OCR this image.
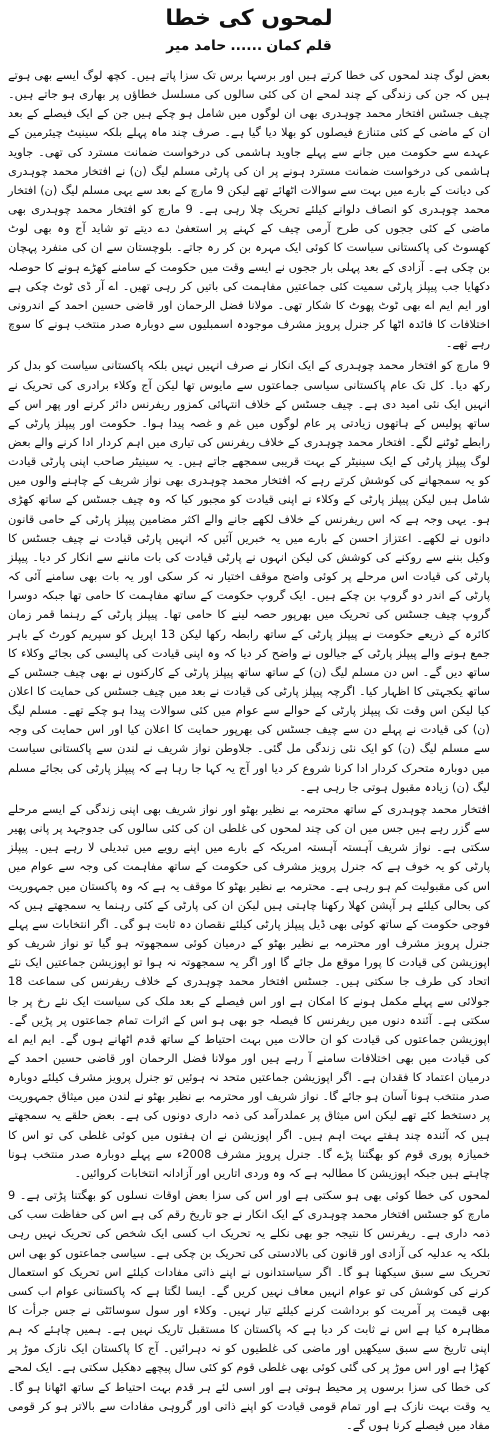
لمحوں کی خطا
قلم کمان......حامد میر

بعض لوگ چند لمحوں کی خطا کرتے ہیں اور برسہا برس تک سزا پاتے ہیں۔ کچھ لوگ ایسے بھی ہوتے ہیں کہ جن کی زندگی کے چند لمحے ان کی کئی سالوں کی مسلسل خطاؤں پر بھاری ہو جاتے ہیں۔ چیف جسٹس افتخار محمد چوہدری بھی ان لوگوں میں شامل ہو چکے ہیں جن کے ایک فیصلے کے بعد ان کے ماضی کے کئی متنازع فیصلوں کو بھلا دیا گیا ہے۔ صرف چند ماہ پہلے بلکہ سینیٹ چیئرمین کے عہدے سے حکومت میں جانے سے پہلے جاوید ہاشمی کی درخواست ضمانت مسترد کی تھی۔ جاوید ہاشمی کی درخواست ضمانت مسترد ہونے پر ان کی پارٹی مسلم لیگ (ن) نے افتخار محمد چوہدری کی دیانت کے بارے میں بہت سے سوالات اٹھائے تھے لیکن 9 مارچ کے بعد سے یہی مسلم لیگ (ن) افتخار محمد چوہدری کو انصاف دلوانے کیلئے تحریک چلا رہی ہے۔ 9 مارچ کو افتخار محمد چوہدری بھی ماضی کے کئی ججوں کی طرح آرمی چیف کے کہنے پر استعفیٰ دے دیتے تو شاید آج وہ بھی لوٹ کھسوٹ کی پاکستانی سیاست کا کوئی ایک مہرہ بن کر رہ جاتے۔ بلوچستان سے ان کی منفرد پہچان بن چکی ہے۔ آزادی کے بعد پہلی بار ججوں نے ایسے وقت میں حکومت کے سامنے کھڑے ہونے کا حوصلہ دکھایا جب پیپلز پارٹی سمیت کئی جماعتیں مفاہمت کی باتیں کر رہی تھیں۔ اے آر ڈی ٹوٹ چکی ہے اور ایم ایم اے بھی ٹوٹ پھوٹ کا شکار تھی۔ مولانا فضل الرحمان اور قاضی حسین احمد کے اندرونی اختلافات کا فائدہ اٹھا کر جنرل پرویز مشرف موجودہ اسمبلیوں سے دوبارہ صدر منتخب ہونے کا سوچ رہے تھے۔

9 مارچ کو افتخار محمد چوہدری کے ایک انکار نے صرف انہیں نہیں بلکہ پاکستانی سیاست کو بدل کر رکھ دیا۔ کل تک عام پاکستانی سیاسی جماعتوں سے مایوس تھا لیکن آج وکلاء برادری کی تحریک نے انہیں ایک نئی امید دی ہے۔ چیف جسٹس کے خلاف انتہائی کمزور ریفرنس دائر کرنے اور پھر اس کے ساتھ پولیس کے ہاتھوں زیادتی پر عام لوگوں میں غم و غصہ پیدا ہوا۔ حکومت اور پیپلز پارٹی کے رابطے ٹوٹنے لگے۔ افتخار محمد چوہدری کے خلاف ریفرنس کی تیاری میں اہم کردار ادا کرنے والے بعض لوگ پیپلز پارٹی کے ایک سینیٹر کے بہت قریبی سمجھے جاتے ہیں۔ یہ سینیٹر صاحب اپنی پارٹی قیادت کو یہ سمجھانے کی کوشش کرتے رہے کہ افتخار محمد چوہدری بھی نواز شریف کے چاہنے والوں میں شامل ہیں لیکن پیپلز پارٹی کے وکلاء نے اپنی قیادت کو مجبور کیا کہ وہ چیف جسٹس کے ساتھ کھڑی ہو۔ یہی وجہ ہے کہ اس ریفرنس کے خلاف لکھے جانے والے اکثر مضامین پیپلز پارٹی کے حامی قانون دانوں نے لکھے۔ اعتزاز احسن کے بارے میں یہ خبریں آئیں کہ انہیں پارٹی قیادت نے چیف جسٹس کا وکیل بننے سے روکنے کی کوشش کی لیکن انہوں نے پارٹی قیادت کی بات ماننے سے انکار کر دیا۔ پیپلز پارٹی کی قیادت اس مرحلے پر کوئی واضح موقف اختیار نہ کر سکی اور یہ بات بھی سامنے آئی کہ پارٹی کے اندر دو گروپ بن چکے ہیں۔ ایک گروپ حکومت کے ساتھ مفاہمت کا حامی تھا جبکہ دوسرا گروپ چیف جسٹس کی تحریک میں بھرپور حصہ لینے کا حامی تھا۔ پیپلز پارٹی کے رہنما قمر زمان کائرہ کے ذریعے حکومت نے پیپلز پارٹی کے ساتھ رابطہ رکھا لیکن 13 اپریل کو سپریم کورٹ کے باہر جمع ہونے والے پیپلز پارٹی کے جیالوں نے واضح کر دیا کہ وہ اپنی قیادت کی پالیسی کی بجائے وکلاء کا ساتھ دیں گے۔ اس دن مسلم لیگ (ن) کے ساتھ ساتھ پیپلز پارٹی کے کارکنوں نے بھی چیف جسٹس کے ساتھ یکجہتی کا اظہار کیا۔ اگرچہ پیپلز پارٹی کی قیادت نے بعد میں چیف جسٹس کی حمایت کا اعلان کیا لیکن اس وقت تک پیپلز پارٹی کے حوالے سے عوام میں کئی سوالات پیدا ہو چکے تھے۔ مسلم لیگ (ن) کی قیادت نے پہلے دن سے چیف جسٹس کی بھرپور حمایت کا اعلان کیا اور اس حمایت کی وجہ سے مسلم لیگ (ن) کو ایک نئی زندگی مل گئی۔ جلاوطن نواز شریف نے لندن سے پاکستانی سیاست میں دوبارہ متحرک کردار ادا کرنا شروع کر دیا اور آج یہ کہا جا رہا ہے کہ پیپلز پارٹی کی بجائے مسلم لیگ (ن) زیادہ مقبول ہوتی جا رہی ہے۔

افتخار محمد چوہدری کے ساتھ محترمہ بے نظیر بھٹو اور نواز شریف بھی اپنی زندگی کے ایسے مرحلے سے گزر رہے ہیں جس میں ان کی چند لمحوں کی غلطی ان کی کئی سالوں کی جدوجہد پر پانی پھیر سکتی ہے۔ نواز شریف آہستہ آہستہ امریکہ کے بارے میں اپنے رویے میں تبدیلی لا رہے ہیں۔ پیپلز پارٹی کو یہ خوف ہے کہ جنرل پرویز مشرف کی حکومت کے ساتھ مفاہمت کی وجہ سے عوام میں اس کی مقبولیت کم ہو رہی ہے۔ محترمہ بے نظیر بھٹو کا موقف یہ ہے کہ وہ پاکستان میں جمہوریت کی بحالی کیلئے ہر آپشن کھلا رکھنا چاہتی ہیں لیکن ان کی پارٹی کے کئی رہنما یہ سمجھتے ہیں کہ فوجی حکومت کے ساتھ کوئی بھی ڈیل پیپلز پارٹی کیلئے نقصان دہ ثابت ہو گی۔ اگر انتخابات سے پہلے جنرل پرویز مشرف اور محترمہ بے نظیر بھٹو کے درمیان کوئی سمجھوتہ ہو گیا تو نواز شریف کو اپوزیشن کی قیادت کا پورا موقع مل جائے گا اور اگر یہ سمجھوتہ نہ ہوا تو اپوزیشن جماعتیں ایک نئے اتحاد کی طرف جا سکتی ہیں۔ جسٹس افتخار محمد چوہدری کے خلاف ریفرنس کی سماعت 18 جولائی سے پہلے مکمل ہونے کا امکان ہے اور اس فیصلے کے بعد ملک کی سیاست ایک نئے رخ پر جا سکتی ہے۔ آئندہ دنوں میں ریفرنس کا فیصلہ جو بھی ہو اس کے اثرات تمام جماعتوں پر پڑیں گے۔ اپوزیشن جماعتوں کی قیادت کو ان حالات میں بہت احتیاط کے ساتھ قدم اٹھانے ہوں گے۔ ایم ایم اے کی قیادت میں بھی اختلافات سامنے آ رہے ہیں اور مولانا فضل الرحمان اور قاضی حسین احمد کے درمیان اعتماد کا فقدان ہے۔ اگر اپوزیشن جماعتیں متحد نہ ہوئیں تو جنرل پرویز مشرف کیلئے دوبارہ صدر منتخب ہونا آسان ہو جائے گا۔ نواز شریف اور محترمہ بے نظیر بھٹو نے لندن میں میثاق جمہوریت پر دستخط کئے تھے لیکن اس میثاق پر عملدرآمد کی ذمہ داری دونوں کی ہے۔ بعض حلقے یہ سمجھتے ہیں کہ آئندہ چند ہفتے بہت اہم ہیں۔ اگر اپوزیشن نے ان ہفتوں میں کوئی غلطی کی تو اس کا خمیازہ پوری قوم کو بھگتنا پڑے گا۔ جنرل پرویز مشرف 2008ء سے پہلے دوبارہ صدر منتخب ہونا چاہتے ہیں جبکہ اپوزیشن کا مطالبہ ہے کہ وہ وردی اتاریں اور آزادانہ انتخابات کروائیں۔

لمحوں کی خطا کوئی بھی ہو سکتی ہے اور اس کی سزا بعض اوقات نسلوں کو بھگتنا پڑتی ہے۔ 9 مارچ کو جسٹس افتخار محمد چوہدری کے ایک انکار نے جو تاریخ رقم کی ہے اس کی حفاظت سب کی ذمہ داری ہے۔ ریفرنس کا نتیجہ جو بھی نکلے یہ تحریک اب کسی ایک شخص کی تحریک نہیں رہی بلکہ یہ عدلیہ کی آزادی اور قانون کی بالادستی کی تحریک بن چکی ہے۔ سیاسی جماعتوں کو بھی اس تحریک سے سبق سیکھنا ہو گا۔ اگر سیاستدانوں نے اپنے ذاتی مفادات کیلئے اس تحریک کو استعمال کرنے کی کوشش کی تو عوام انہیں معاف نہیں کریں گے۔ ایسا لگتا ہے کہ پاکستانی عوام اب کسی بھی قیمت پر آمریت کو برداشت کرنے کیلئے تیار نہیں۔ وکلاء اور سول سوسائٹی نے جس جرأت کا مظاہرہ کیا ہے اس نے ثابت کر دیا ہے کہ پاکستان کا مستقبل تاریک نہیں ہے۔ ہمیں چاہئے کہ ہم اپنی تاریخ سے سبق سیکھیں اور ماضی کی غلطیوں کو نہ دہرائیں۔ آج کا پاکستان ایک نازک موڑ پر کھڑا ہے اور اس موڑ پر کی گئی کوئی بھی غلطی قوم کو کئی سال پیچھے دھکیل سکتی ہے۔ ایک لمحے کی خطا کی سزا برسوں پر محیط ہوتی ہے اور اسی لئے ہر قدم بہت احتیاط کے ساتھ اٹھانا ہو گا۔ یہ وقت بہت نازک ہے اور تمام قومی قیادت کو اپنے ذاتی اور گروہی مفادات سے بالاتر ہو کر قومی مفاد میں فیصلے کرنا ہوں گے۔
